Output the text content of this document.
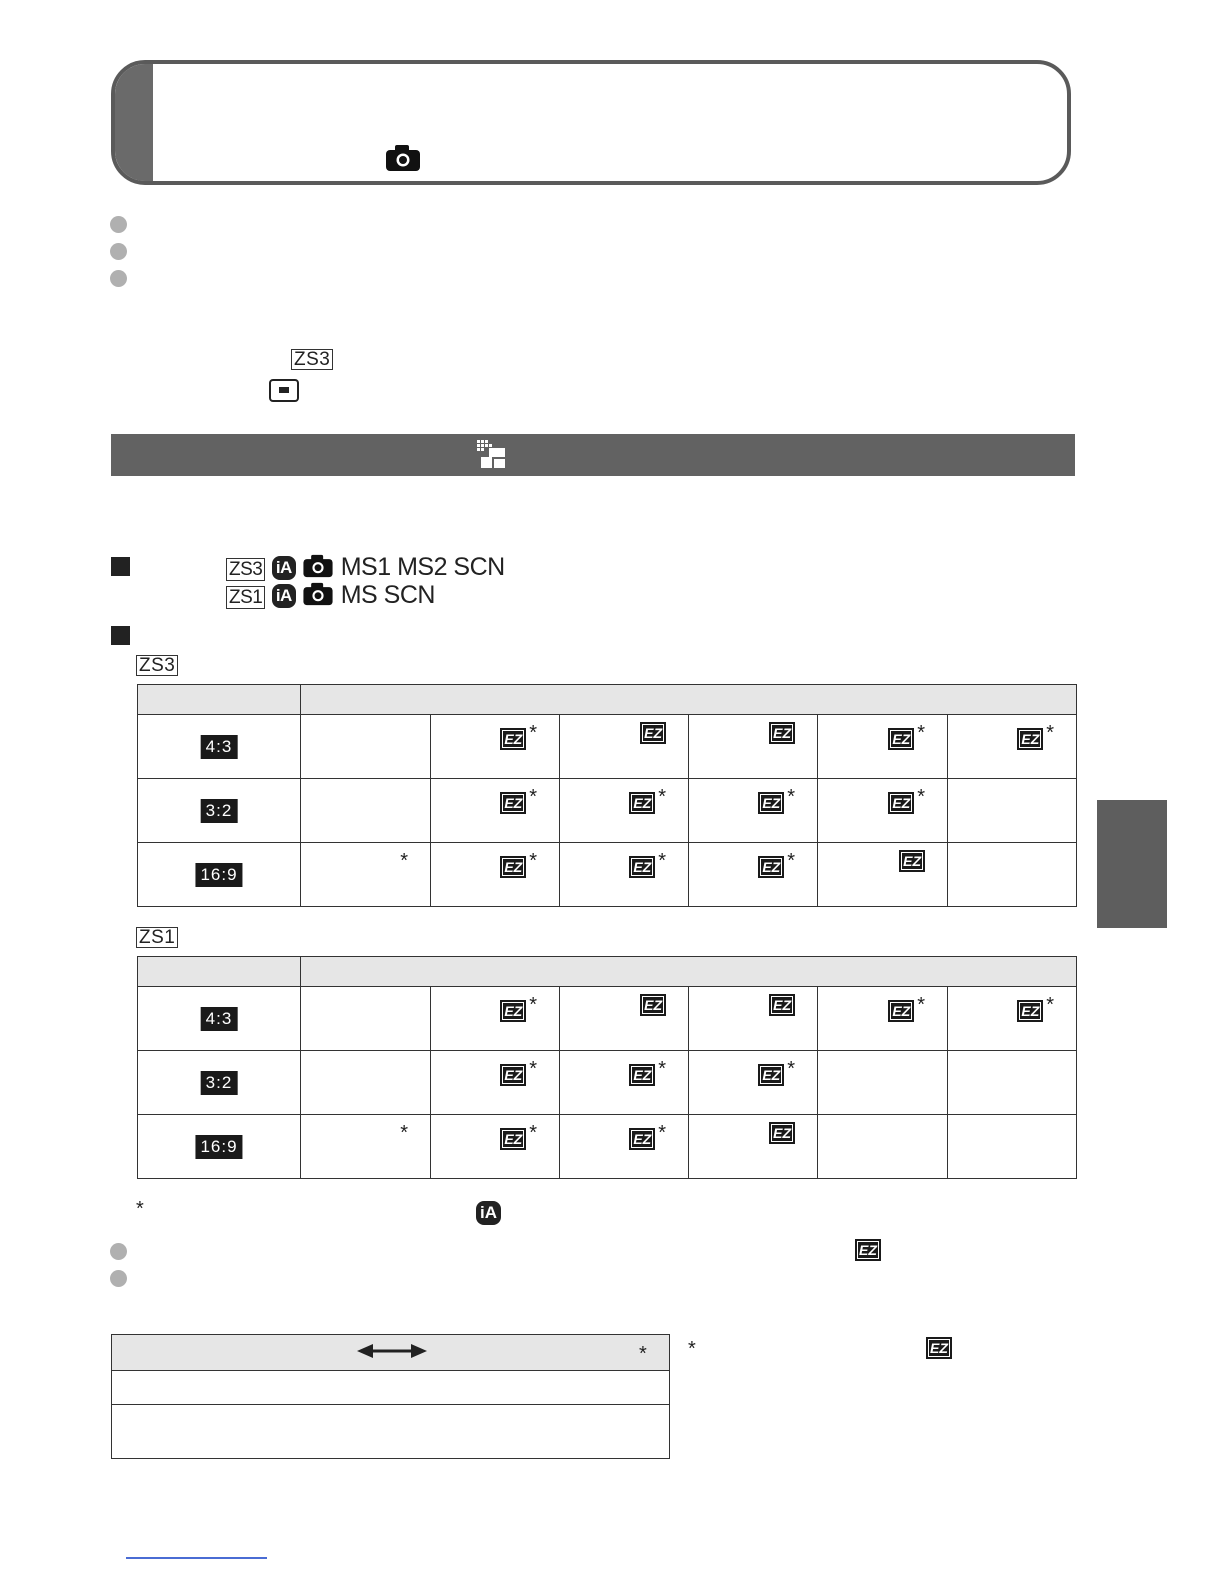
ZS3
ZS3 iA MS1 MS2 SCN
ZS1 iA MS SCN
ZS3

4:3		EZ *	EZ	EZ	EZ *	EZ *

3:2		EZ *	EZ *	EZ *	EZ *	

16:9	*	EZ *	EZ *	EZ *	EZ	

ZS1

4:3		EZ *	EZ	EZ	EZ *	EZ *

3:2		EZ *	EZ *	EZ *		

16:9	*	EZ *	EZ *	EZ		

*	iA
EZ
* *	EZ
